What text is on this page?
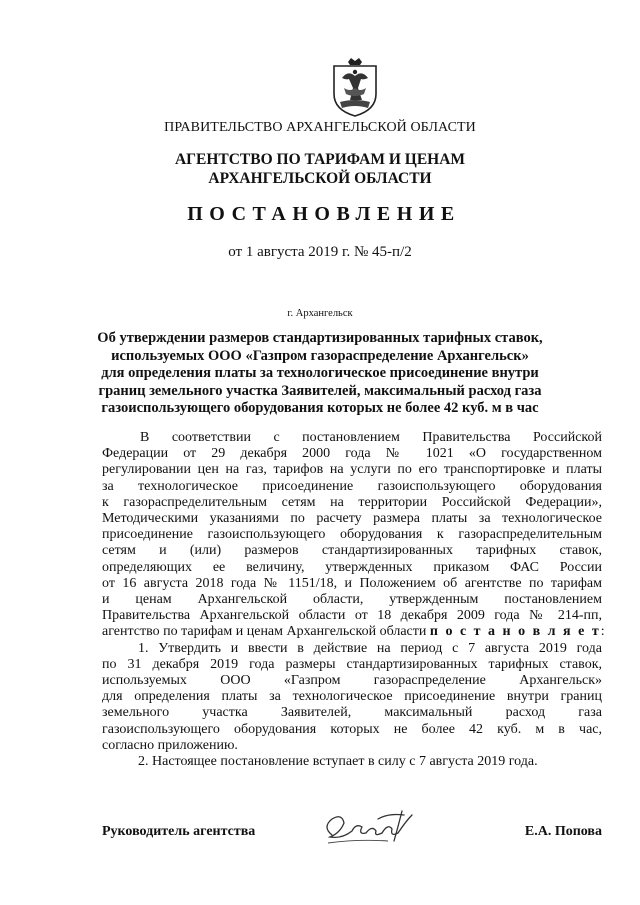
ПРАВИТЕЛЬСТВО АРХАНГЕЛЬСКОЙ ОБЛАСТИ
АГЕНТСТВО ПО ТАРИФАМ И ЦЕНАМ
АРХАНГЕЛЬСКОЙ ОБЛАСТИ
ПОСТАНОВЛЕНИЕ
от 1 августа 2019 г. № 45-п/2
г. Архангельск
Об утверждении размеров стандартизированных тарифных ставок,
используемых ООО «Газпром газораспределение Архангельск»
для определения платы за технологическое присоединение внутри
границ земельного участка Заявителей, максимальный расход газа
газоиспользующего оборудования которых не более 42 куб. м в час
В соответствии с постановлением Правительства Российской
Федерации от 29 декабря 2000 года № 1021 «О государственном
регулировании цен на газ, тарифов на услуги по его транспортировке и платы
за технологическое присоединение газоиспользующего оборудования
к газораспределительным сетям на территории Российской Федерации»,
Методическими указаниями по расчету размера платы за технологическое
присоединение газоиспользующего оборудования к газораспределительным
сетям и (или) размеров стандартизированных тарифных ставок,
определяющих ее величину, утвержденных приказом ФАС России
от 16 августа 2018 года № 1151/18, и Положением об агентстве по тарифам
и ценам Архангельской области, утвержденным постановлением
Правительства Архангельской области от 18 декабря 2009 года № 214-пп,
агентство по тарифам и ценам Архангельской области п о с т а н о в л я е т:
1. Утвердить и ввести в действие на период с 7 августа 2019 года
по 31 декабря 2019 года размеры стандартизированных тарифных ставок,
используемых ООО «Газпром газораспределение Архангельск»
для определения платы за технологическое присоединение внутри границ
земельного участка Заявителей, максимальный расход газа
газоиспользующего оборудования которых не более 42 куб. м в час,
согласно приложению.
2. Настоящее постановление вступает в силу с 7 августа 2019 года.
Руководитель агентства	Е.А. Попова
